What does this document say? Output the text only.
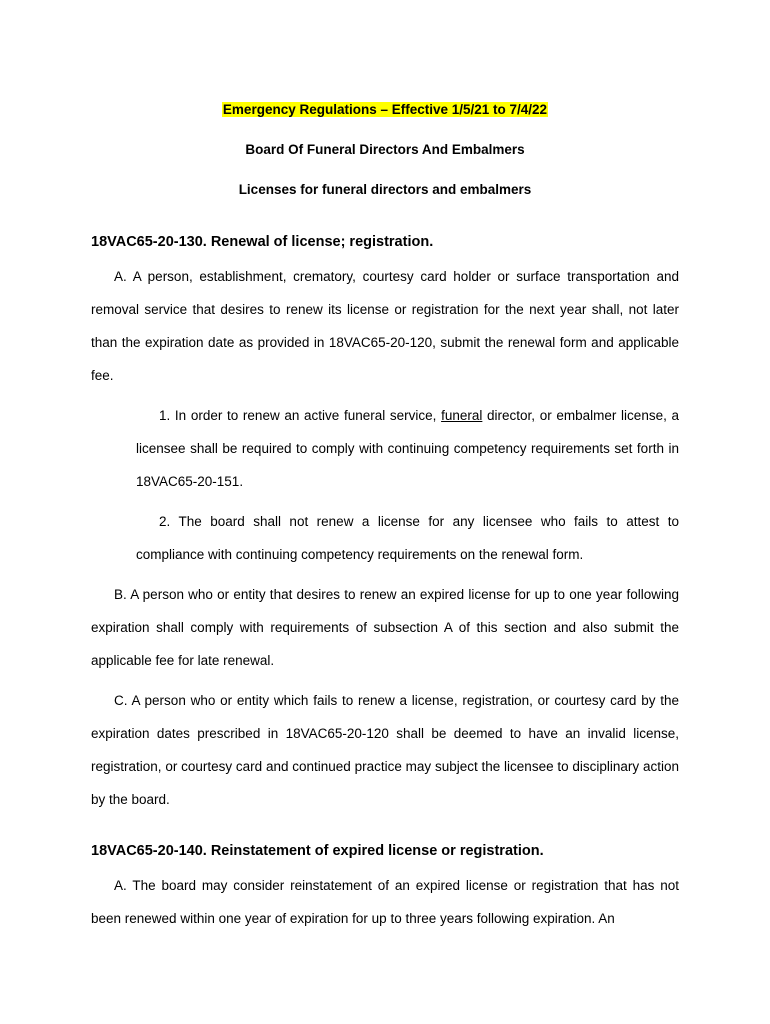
Emergency Regulations – Effective 1/5/21 to 7/4/22
Board Of Funeral Directors And Embalmers
Licenses for funeral directors and embalmers
18VAC65-20-130. Renewal of license; registration.
A. A person, establishment, crematory, courtesy card holder or surface transportation and removal service that desires to renew its license or registration for the next year shall, not later than the expiration date as provided in 18VAC65-20-120, submit the renewal form and applicable fee.
1. In order to renew an active funeral service, funeral director, or embalmer license, a licensee shall be required to comply with continuing competency requirements set forth in 18VAC65-20-151.
2. The board shall not renew a license for any licensee who fails to attest to compliance with continuing competency requirements on the renewal form.
B. A person who or entity that desires to renew an expired license for up to one year following expiration shall comply with requirements of subsection A of this section and also submit the applicable fee for late renewal.
C. A person who or entity which fails to renew a license, registration, or courtesy card by the expiration dates prescribed in 18VAC65-20-120 shall be deemed to have an invalid license, registration, or courtesy card and continued practice may subject the licensee to disciplinary action by the board.
18VAC65-20-140. Reinstatement of expired license or registration.
A. The board may consider reinstatement of an expired license or registration that has not been renewed within one year of expiration for up to three years following expiration. An
